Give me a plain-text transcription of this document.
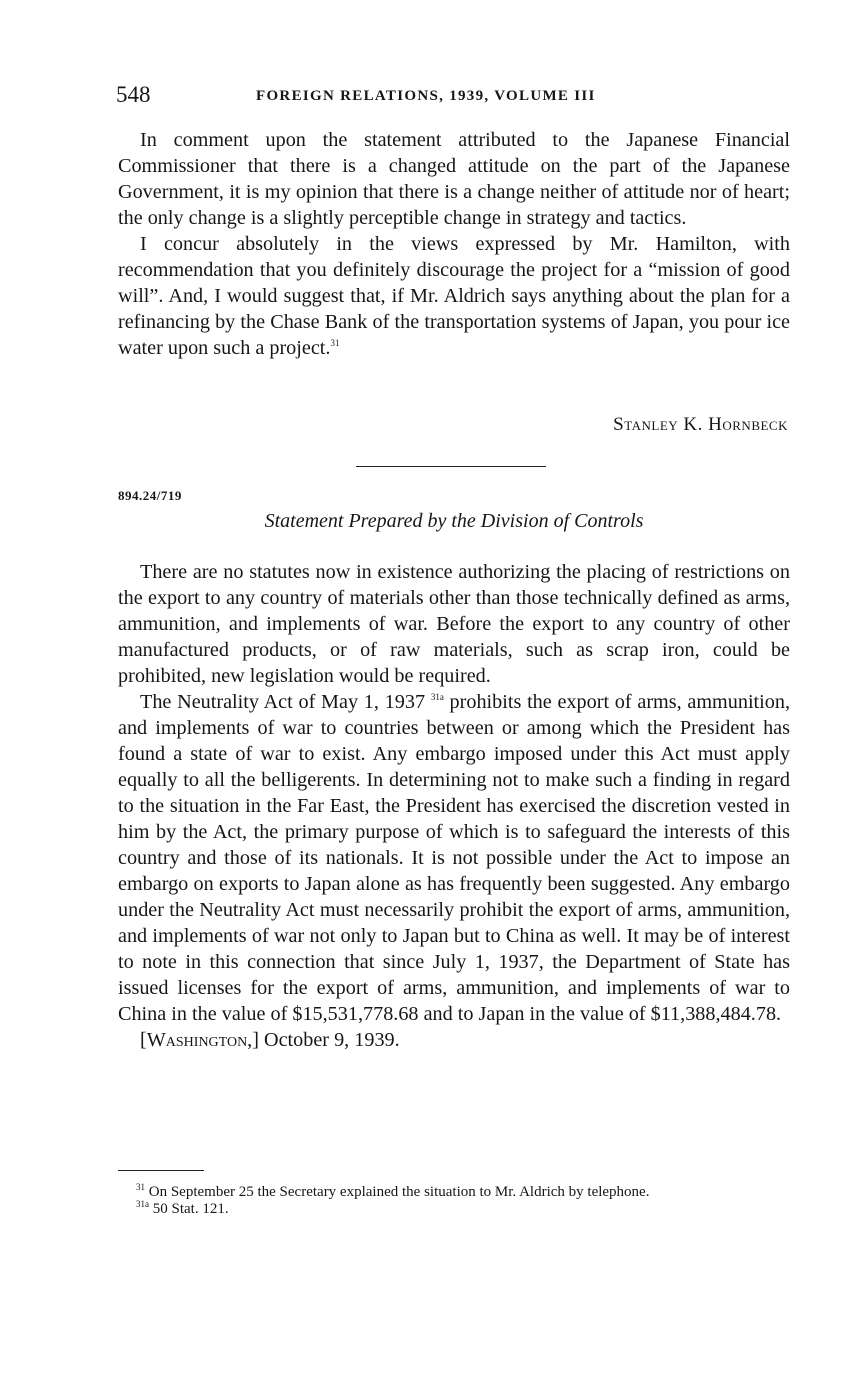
548	FOREIGN RELATIONS, 1939, VOLUME III

In comment upon the statement attributed to the Japanese Financial Commissioner that there is a changed attitude on the part of the Japanese Government, it is my opinion that there is a change neither of attitude nor of heart; the only change is a slightly perceptible change in strategy and tactics.

I concur absolutely in the views expressed by Mr. Hamilton, with recommendation that you definitely discourage the project for a “mission of good will”. And, I would suggest that, if Mr. Aldrich says anything about the plan for a refinancing by the Chase Bank of the transportation systems of Japan, you pour ice water upon such a project.$^{31}$

Stanley K. Hornbeck
894.24/719
Statement Prepared by the Division of Controls

There are no statutes now in existence authorizing the placing of restrictions on the export to any country of materials other than those technically defined as arms, ammunition, and implements of war. Before the export to any country of other manufactured products, or of raw materials, such as scrap iron, could be prohibited, new legislation would be required.

The Neutrality Act of May 1, 1937 $^{31a}$ prohibits the export of arms, ammunition, and implements of war to countries between or among which the President has found a state of war to exist. Any embargo imposed under this Act must apply equally to all the belligerents. In determining not to make such a finding in regard to the situation in the Far East, the President has exercised the discretion vested in him by the Act, the primary purpose of which is to safeguard the interests of this country and those of its nationals. It is not possible under the Act to impose an embargo on exports to Japan alone as has frequently been suggested. Any embargo under the Neutrality Act must necessarily prohibit the export of arms, ammunition, and implements of war not only to Japan but to China as well. It may be of interest to note in this connection that since July 1, 1937, the Department of State has issued licenses for the export of arms, ammunition, and implements of war to China in the value of $15,531,778.68 and to Japan in the value of $11,388,484.78.

[Washington,] October 9, 1939.

$^{31}$ On September 25 the Secretary explained the situation to Mr. Aldrich by telephone.

$^{31a}$ 50 Stat. 121.
